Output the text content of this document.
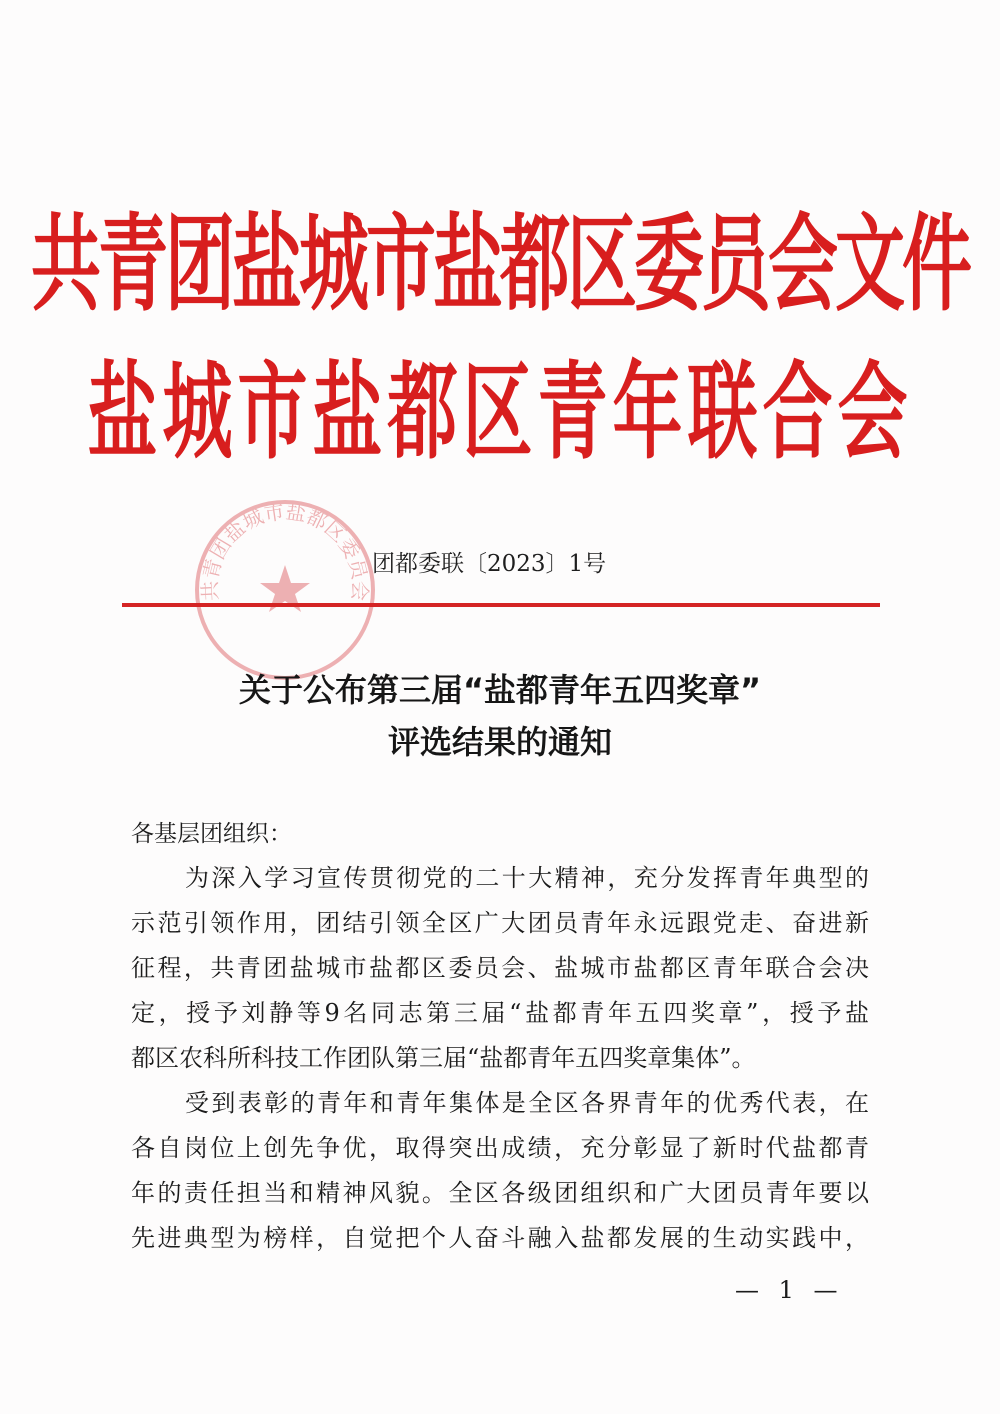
共青团盐城市盐都区委员会文件
盐城市盐都区青年联合会
共青团盐城市盐都区委员会
团都委联〔2023〕1号
关于公布第三届“盐都青年五四奖章”
评选结果的通知
各基层团组织：
为深入学习宣传贯彻党的二十大精神，充分发挥青年典型的
示范引领作用，团结引领全区广大团员青年永远跟党走、奋进新
征程，共青团盐城市盐都区委员会、盐城市盐都区青年联合会决
定，授予刘静等9名同志第三届“盐都青年五四奖章”，授予盐
都区农科所科技工作团队第三届“盐都青年五四奖章集体”。
受到表彰的青年和青年集体是全区各界青年的优秀代表，在
各自岗位上创先争优，取得突出成绩，充分彰显了新时代盐都青
年的责任担当和精神风貌。全区各级团组织和广大团员青年要以
先进典型为榜样，自觉把个人奋斗融入盐都发展的生动实践中，
— 1 —
